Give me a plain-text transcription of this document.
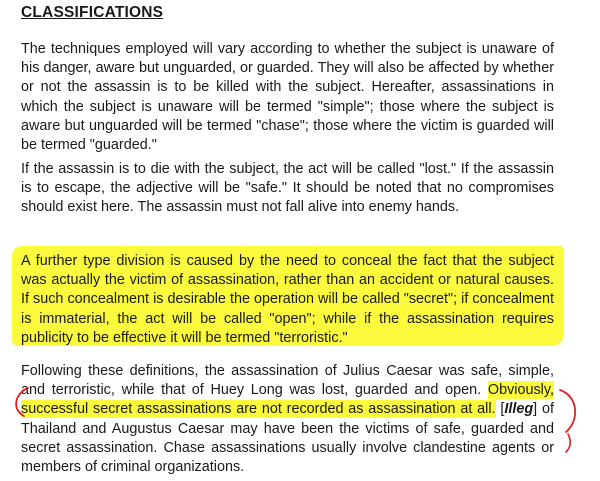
CLASSIFICATIONS

The techniques employed will vary according to whether the subject is unaware of his danger, aware but unguarded, or guarded. They will also be affected by whether or not the assassin is to be killed with the subject. Hereafter, assassinations in which the subject is unaware will be termed "simple"; those where the subject is aware but unguarded will be termed "chase"; those where the victim is guarded will be termed "guarded."

If the assassin is to die with the subject, the act will be called "lost." If the assassin is to escape, the adjective will be "safe." It should be noted that no compromises should exist here. The assassin must not fall alive into enemy hands.

A further type division is caused by the need to conceal the fact that the subject was actually the victim of assassination, rather than an accident or natural causes. If such concealment is desirable the operation will be called "secret"; if concealment is immaterial, the act will be called "open"; while if the assassination requires publicity to be effective it will be termed "terroristic."

Following these definitions, the assassination of Julius Caesar was safe, simple, and terroristic, while that of Huey Long was lost, guarded and open. Obviously, successful secret assassinations are not recorded as assassination at all. [Illeg] of Thailand and Augustus Caesar may have been the victims of safe, guarded and secret assassination. Chase assassinations usually involve clandestine agents or members of criminal organizations.
